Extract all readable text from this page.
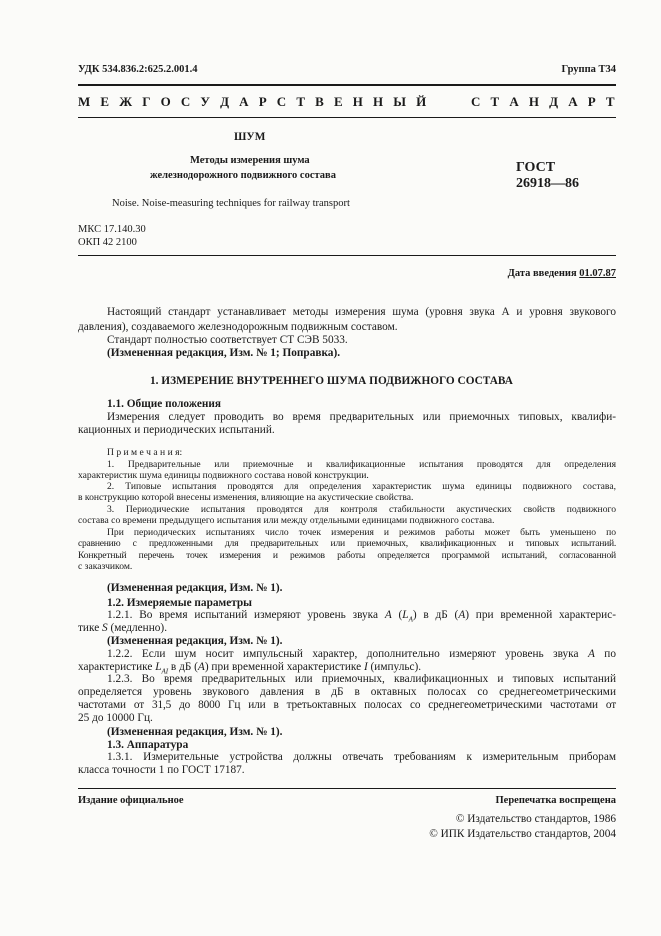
УДК 534.836.2:625.2.001.4	Группа Т34
М Е Ж Г О С У Д А Р С Т В Е Н Н Ы Й     С Т А Н Д А Р Т
ШУМ
Методы измерения шума
железнодорожного подвижного состава
Noise. Noise-measuring techniques for railway transport
ГОСТ
26918—86
МКС 17.140.30
ОКП 42 2100
Дата введения 01.07.87
Настоящий стандарт устанавливает методы измерения шума (уровня звука А и уровня звукового
давления), создаваемого железнодорожным подвижным составом.
Стандарт полностью соответствует СТ СЭВ 5033.
(Измененная редакция, Изм. № 1; Поправка).
1. ИЗМЕРЕНИЕ ВНУТРЕННЕГО ШУМА ПОДВИЖНОГО СОСТАВА
1.1. Общие положения
Измерения следует проводить во время предварительных или приемочных типовых, квалифи-
кационных и периодических испытаний.
П р и м е ч а н и я:
1. Предварительные или приемочные и квалификационные испытания проводятся для определения
характеристик шума единицы подвижного состава новой конструкции.
2. Типовые испытания проводятся для определения характеристик шума единицы подвижного состава,
в конструкцию которой внесены изменения, влияющие на акустические свойства.
3. Периодические испытания проводятся для контроля стабильности акустических свойств подвижного
состава со времени предыдущего испытания или между отдельными единицами подвижного состава.
При периодических испытаниях число точек измерения и режимов работы может быть уменьшено по
сравнению с предложенными для предварительных или приемочных, квалификационных и типовых испытаний.
Конкретный перечень точек измерения и режимов работы определяется программой испытаний, согласованной
с заказчиком.
(Измененная редакция, Изм. № 1).
1.2. Измеряемые параметры
1.2.1. Во время испытаний измеряют уровень звука A $(L_A)$ в дБ (A) при временной характерис-
тике S (медленно).
(Измененная редакция, Изм. № 1).
1.2.2. Если шум носит импульсный характер, дополнительно измеряют уровень звука A по
характеристике $L_{AI}$ в дБ (A) при временной характеристике I (импульс).
1.2.3. Во время предварительных или приемочных, квалификационных и типовых испытаний
определяется уровень звукового давления в дБ в октавных полосах со среднегеометрическими
частотами от 31,5 до 8000 Гц или в третьоктавных полосах со среднегеометрическими частотами от
25 до 10000 Гц.
(Измененная редакция, Изм. № 1).
1.3. Аппаратура
1.3.1. Измерительные устройства должны отвечать требованиям к измерительным приборам
класса точности 1 по ГОСТ 17187.
Издание официальное	Перепечатка воспрещена
© Издательство стандартов, 1986
© ИПК Издательство стандартов, 2004
